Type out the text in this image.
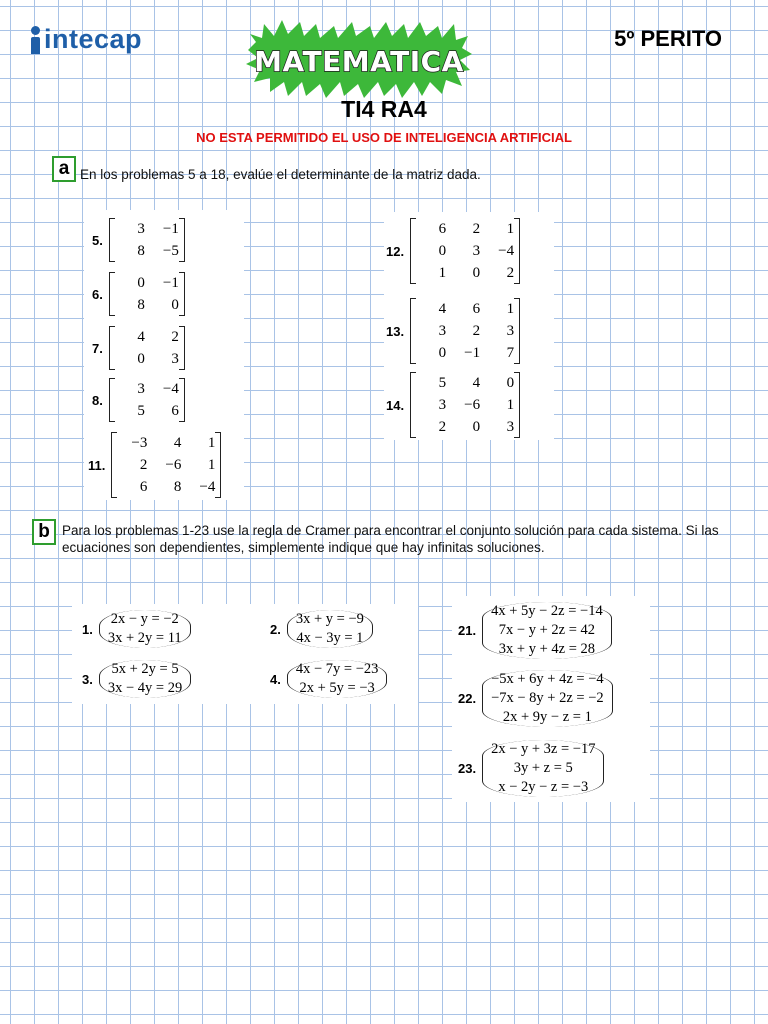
intecap	5º PERITO
MATEMATICA
TI4 RA4
NO ESTA PERMITIDO EL USO DE INTELIGENCIA ARTIFICIAL
a En los problemas 5 a 18, evalúe el determinante de la matriz dada.
5.
3	−1
8	−5
6.
0	−1
8	0
7.
4	2
0	3
8.
3	−4
5	6
11.
−3	4	1
2	−6	1
6	8	−4
12.
6	2	1
0	3	−4
1	0	2
13.
4	6	1
3	2	3
0	−1	7
14.
5	4	0
3	−6	1
2	0	3
b Para los problemas 1-23 use la regla de Cramer para encontrar el conjunto solución para cada sistema. Si las ecuaciones son dependientes, simplemente indique que hay infinitas soluciones.
1.
2x − y = −2
3x + 2y = 11
2.
3x + y = −9
4x − 3y = 1
3.
5x + 2y = 5
3x − 4y = 29
4.
4x − 7y = −23
2x + 5y = −3
21.
4x + 5y − 2z = −14
7x − y + 2z = 42
3x + y + 4z = 28
22.
−5x + 6y + 4z = −4
−7x − 8y + 2z = −2
2x + 9y − z = 1
23.
2x − y + 3z = −17
3y + z = 5
x − 2y − z = −3
